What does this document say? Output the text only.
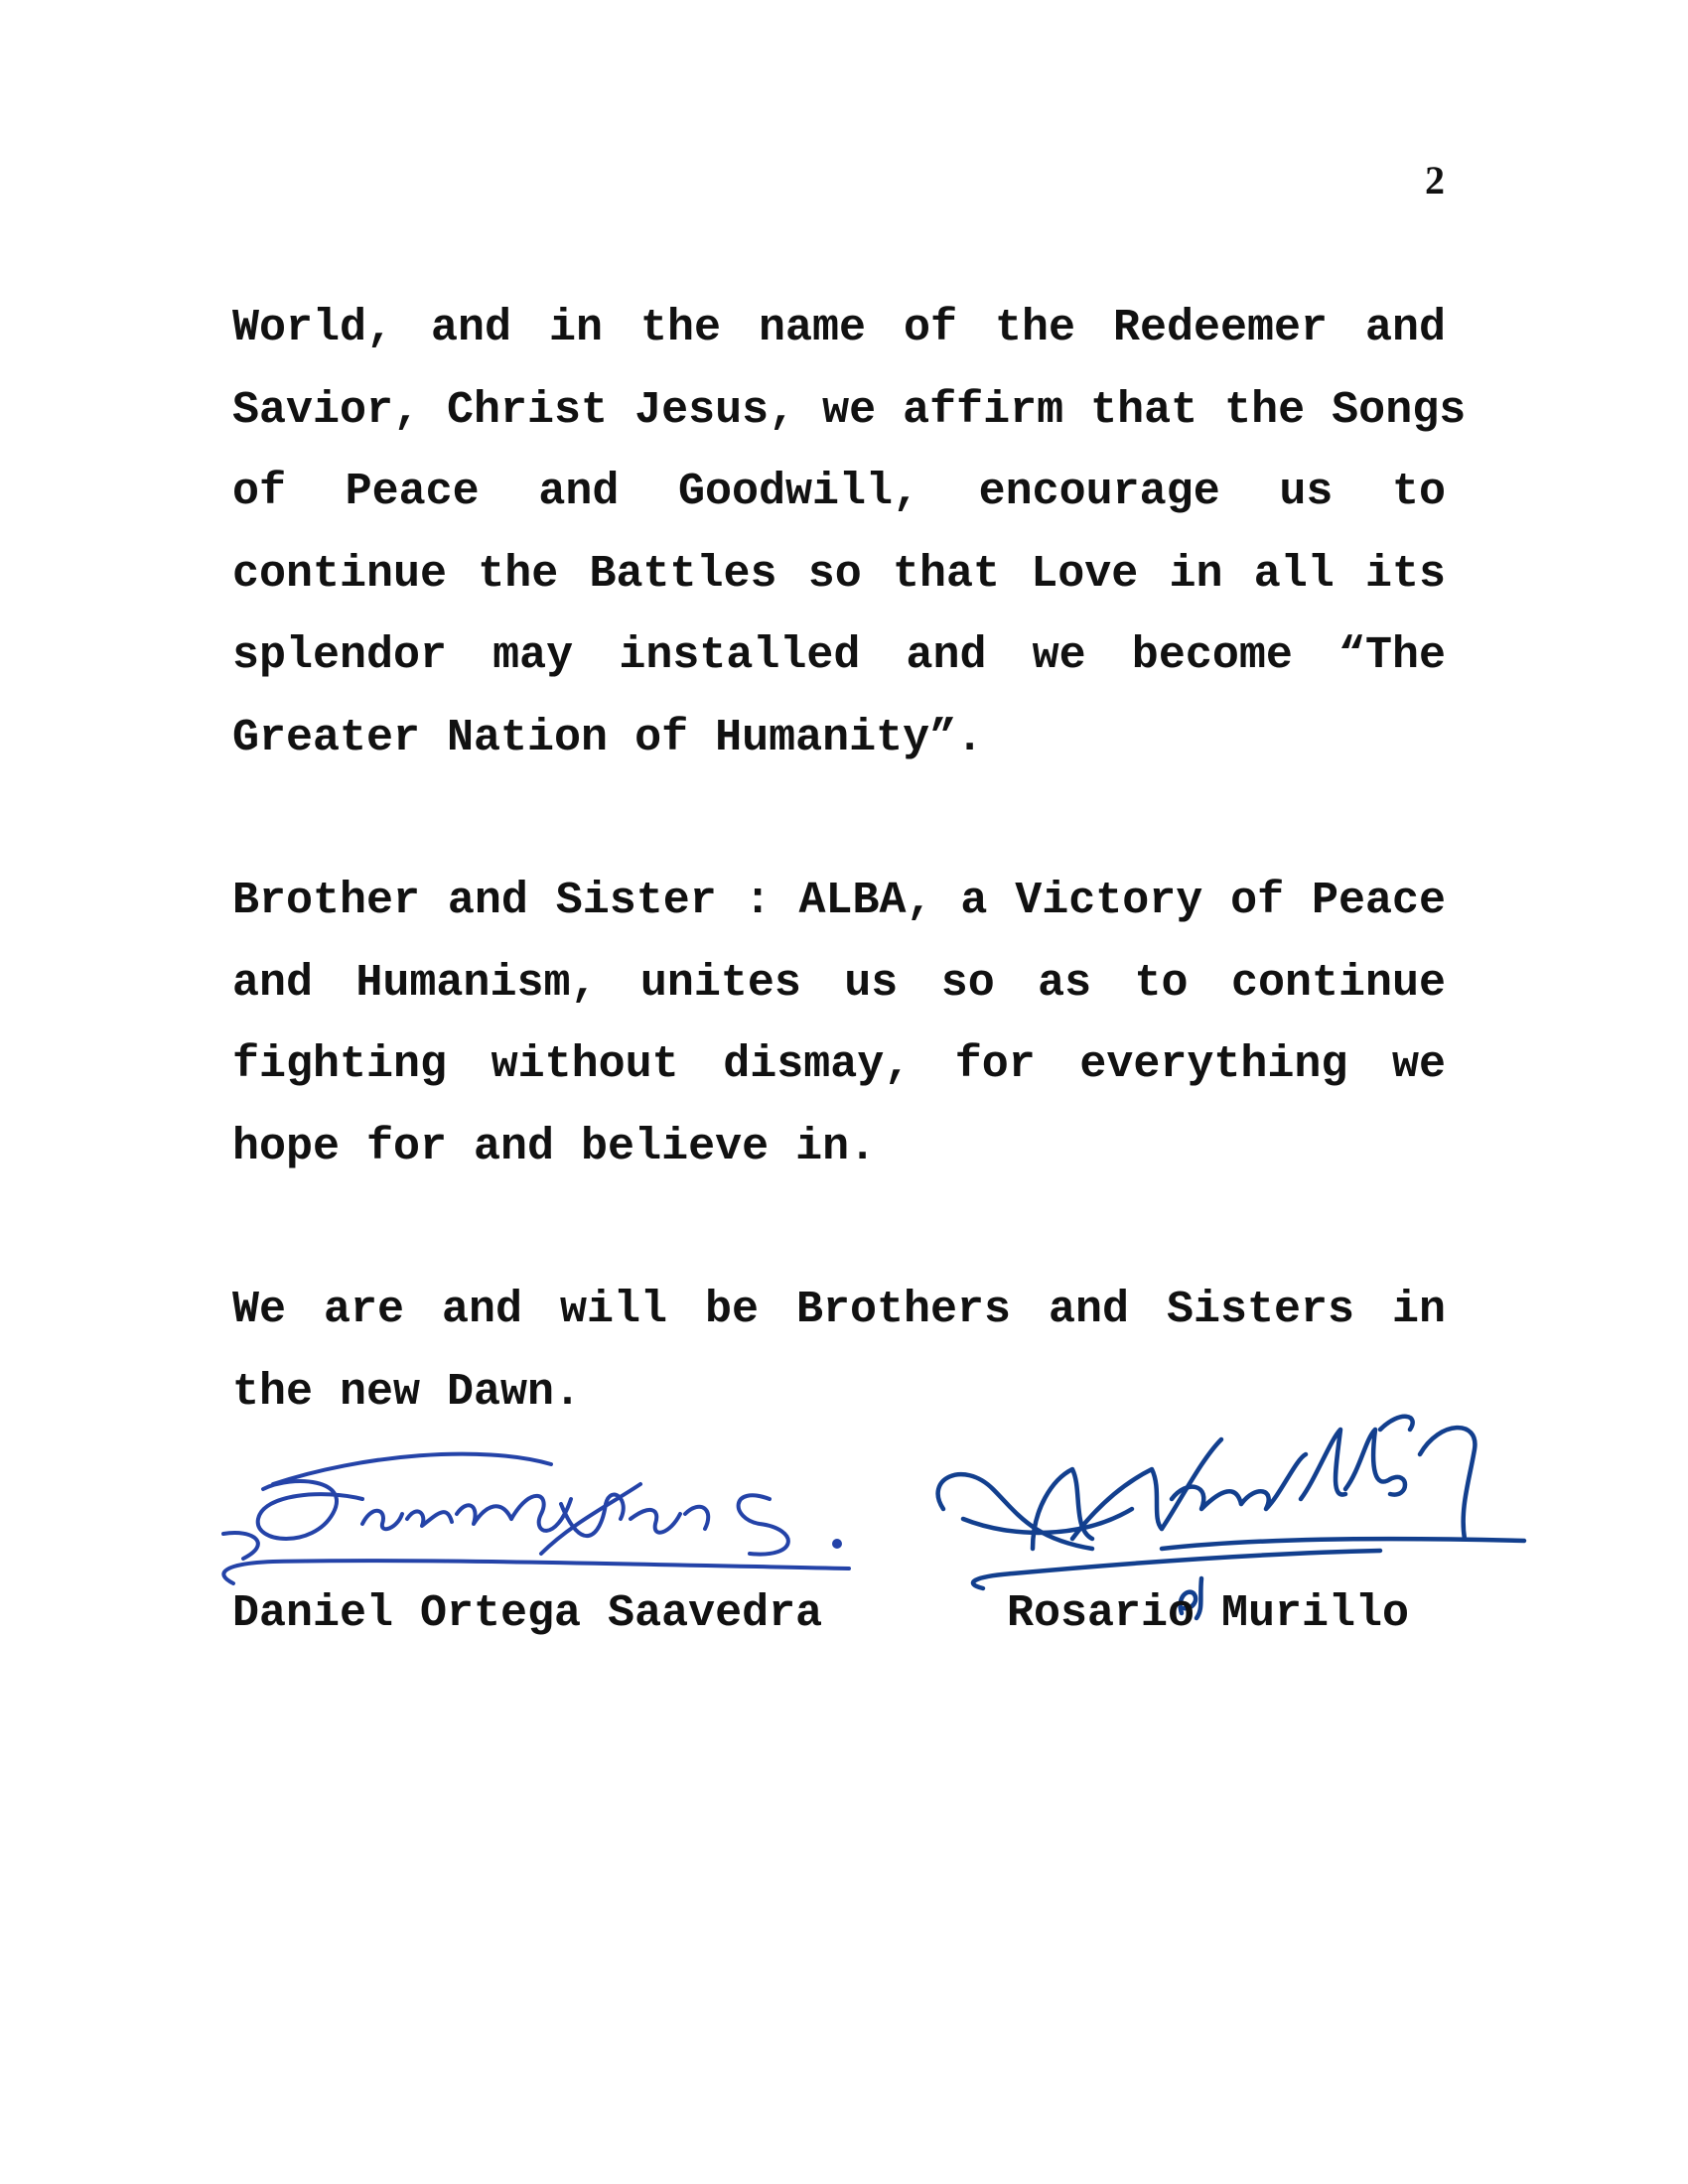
2
World, and in the name of the Redeemer and
Savior, Christ Jesus, we affirm that the Songs
of Peace and Goodwill, encourage us to
continue the Battles so that Love in all its
splendor may installed and we become “The
Greater Nation of Humanity”.
Brother and Sister : ALBA, a Victory of Peace
and Humanism, unites us so as to continue
fighting without dismay, for everything we
hope for and believe in.
We are and will be Brothers and Sisters in
the new Dawn.
Daniel Ortega Saavedra	Rosario Murillo
